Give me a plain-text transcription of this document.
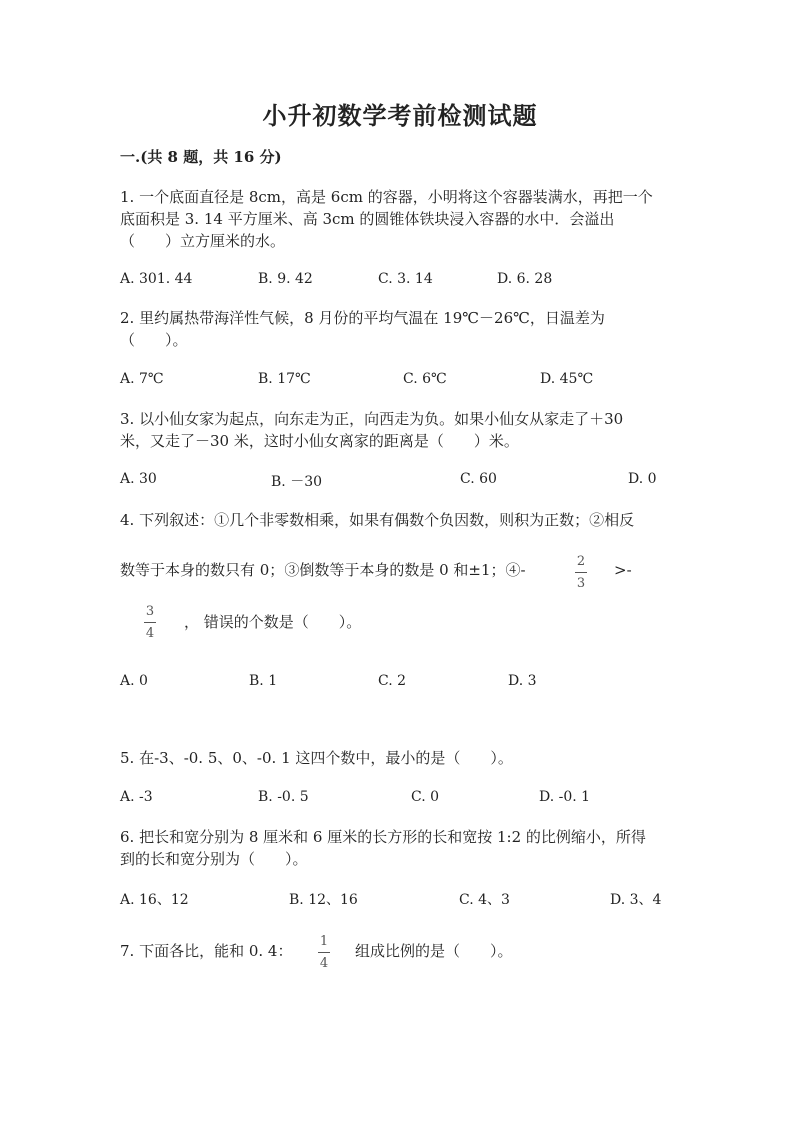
小升初数学考前检测试题
一.(共 8 题，共 16 分)
1. 一个底面直径是 8cm，高是 6cm 的容器，小明将这个容器装满水，再把一个
底面积是 3. 14 平方厘米、高 3cm 的圆锥体铁块浸入容器的水中．会溢出
（　　）立方厘米的水。
A. 301. 44	B. 9. 42	C. 3. 14	D. 6. 28
2. 里约属热带海洋性气候，8 月份的平均气温在 19℃－26℃，日温差为
（　　）。
A. 7℃	B. 17℃	C. 6℃	D. 45℃
3. 以小仙女家为起点，向东走为正，向西走为负。如果小仙女从家走了＋30
米，又走了－30 米，这时小仙女离家的距离是（　　）米。
A. 30	B. －30	C. 60	D. 0
4. 下列叙述：①几个非零数相乘，如果有偶数个负因数，则积为正数；②相反
数等于本身的数只有 0；③倒数等于本身的数是 0 和±1；④-	2
3
>-
3
4
， 错误的个数是（　　）。
A. 0	B. 1	C. 2	D. 3
5. 在-3、-0. 5、0、-0. 1 这四个数中，最小的是（　　）。
A. -3	B. -0. 5	C. 0	D. -0. 1
6. 把长和宽分别为 8 厘米和 6 厘米的长方形的长和宽按 1:2 的比例缩小，所得
到的长和宽分别为（　　）。
A. 16、12	B. 12、16	C. 4、3	D. 3、4
7. 下面各比，能和 0. 4：
1
4
组成比例的是（　　）。
